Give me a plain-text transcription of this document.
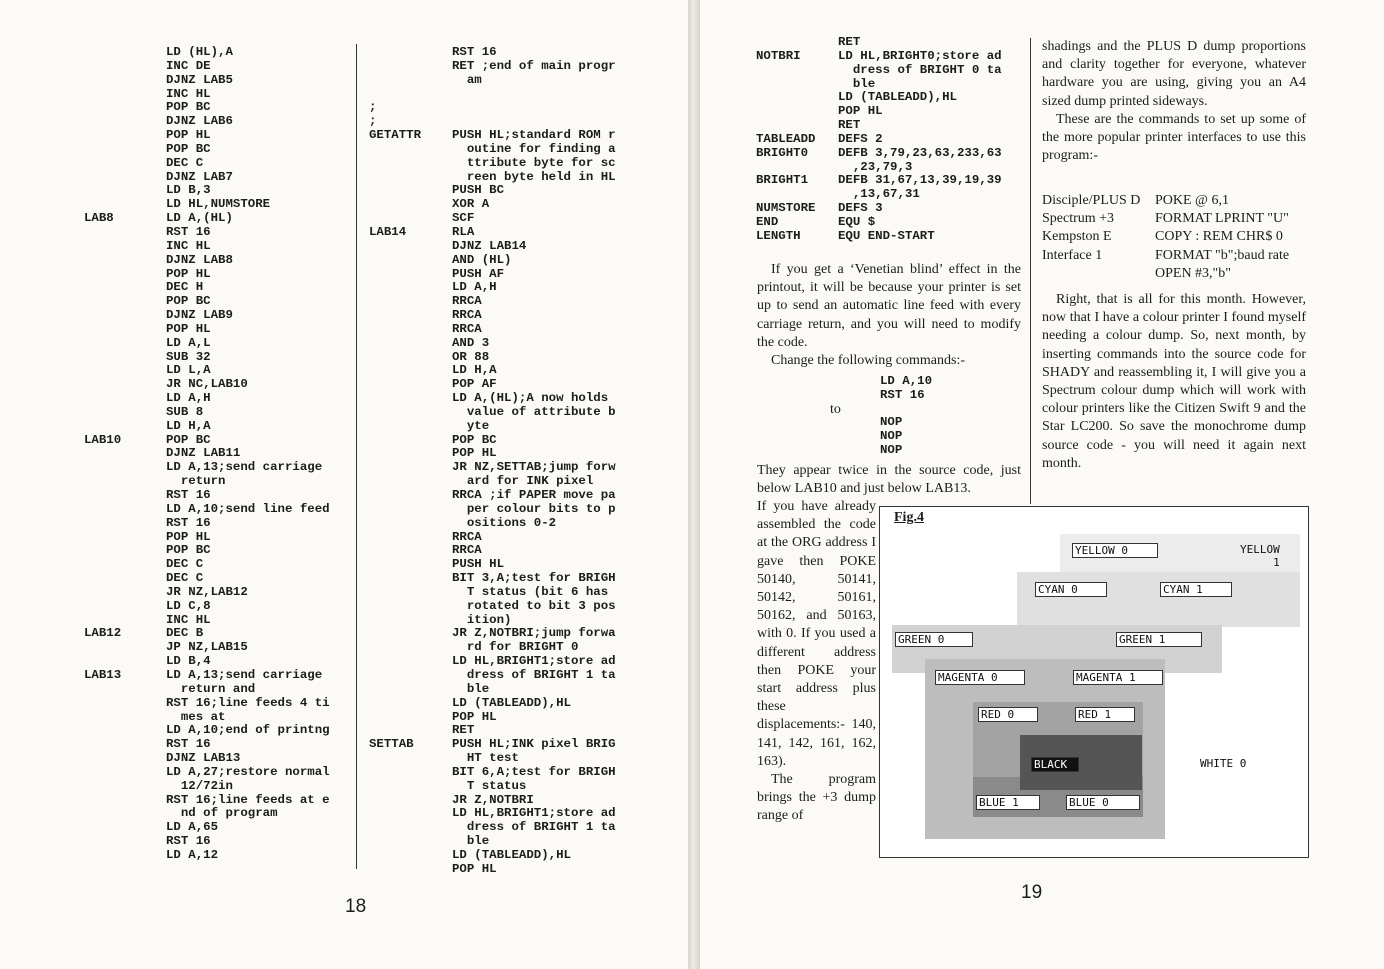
LD (HL),A
INC DE
DJNZ LAB5
INC HL
POP BC
DJNZ LAB6
POP HL
POP BC
DEC C
DJNZ LAB7
LD B,3
LD HL,NUMSTORE
LAB8	LD A,(HL)
RST 16
INC HL
DJNZ LAB8
POP HL
DEC H
POP BC
DJNZ LAB9
POP HL
LD A,L
SUB 32
LD L,A
JR NC,LAB10
LD A,H
SUB 8
LD H,A
LAB10	POP BC
DJNZ LAB11
LD A,13;send carriage
return
RST 16
LD A,10;send line feed
RST 16
POP HL
POP BC
DEC C
DEC C
JR NZ,LAB12
LD C,8
INC HL
LAB12	DEC B
JP NZ,LAB15
LD B,4
LAB13	LD A,13;send carriage
return and
RST 16;line feeds 4 ti
mes at
LD A,10;end of printng
RST 16
DJNZ LAB13
LD A,27;restore normal
12/72in
RST 16;line feeds at e
nd of program
LD A,65
RST 16
LD A,12
RST 16
RET ;end of main progr
am
;
;
GETATTR PUSH HL;standard ROM r
outine for finding a
ttribute byte for sc
reen byte held in HL
PUSH BC
XOR A
SCF
LAB14	RLA
DJNZ LAB14
AND (HL)
PUSH AF
LD A,H
RRCA
RRCA
RRCA
AND 3
OR 88
LD H,A
POP AF
LD A,(HL);A now holds
value of attribute b
yte
POP BC
POP HL
JR NZ,SETTAB;jump forw
ard for INK pixel
RRCA ;if PAPER move pa
per colour bits to p
ositions 0-2
RRCA
RRCA
PUSH HL
BIT 3,A;test for BRIGH
T status (bit 6 has
rotated to bit 3 pos
ition)
JR Z,NOTBRI;jump forwa
rd for BRIGHT 0
LD HL,BRIGHT1;store ad
dress of BRIGHT 1 ta
ble
LD (TABLEADD),HL
POP HL
RET
SETTAB	PUSH HL;INK pixel BRIG
HT test
BIT 6,A;test for BRIGH
T status
JR Z,NOTBRI
LD HL,BRIGHT1;store ad
dress of BRIGHT 1 ta
ble
LD (TABLEADD),HL
POP HL
18
RET
NOTBRI	LD HL,BRIGHT0;store ad
dress of BRIGHT 0 ta
ble
LD (TABLEADD),HL
POP HL
RET
TABLEADD DEFS 2
BRIGHT0 DEFB 3,79,23,63,233,63
,23,79,3
BRIGHT1 DEFB 31,67,13,39,19,39
,13,67,31
NUMSTORE DEFS 3
END	EQU $
LENGTH	EQU END-START

If you get a ‘Venetian blind’ effect in the printout, it will be because your printer is set up to send an automatic line feed with every carriage return, and you will need to modify the code.

Change the following commands:-

LD A,10
RST 16
to
NOP
NOP
NOP

They appear twice in the source code, just below LAB10 and just below LAB13.

If you have already assembled the code at the ORG address I gave then POKE 50140, 50141, 50142, 50161, 50162, and 50163, with 0. If you used a different address then POKE your start address plus these displacements:- 140, 141, 142, 161, 162, 163).

The program brings the +3 dump range of

shadings and the PLUS D dump proportions and clarity together for everyone, whatever hardware you are using, giving you an A4 sized dump printed sideways.

These are the commands to set up some of the more popular printer interfaces to use this program:-

Disciple/PLUS D POKE @ 6,1
Spectrum +3	FORMAT LPRINT "U"
Kempston E	COPY : REM CHR$ 0
Interface 1	FORMAT "b";baud rate
OPEN #3,"b"

Right, that is all for this month. However, now that I have a colour printer I found myself needing a colour dump. So, next month, by inserting commands into the source code for SHADY and reassembling it, I will give you a Spectrum colour dump which will work with colour printers like the Citizen Swift 9 and the Star LC200. So save the monochrome dump source code - you will need it again next month.

19
Fig.4
YELLOW 0	YELLOW
1
CYAN 0	CYAN 1
GREEN 0	GREEN 1
MAGENTA 0	MAGENTA 1
RED 0	RED 1
BLACK	WHITE 0
BLUE 1	BLUE 0
